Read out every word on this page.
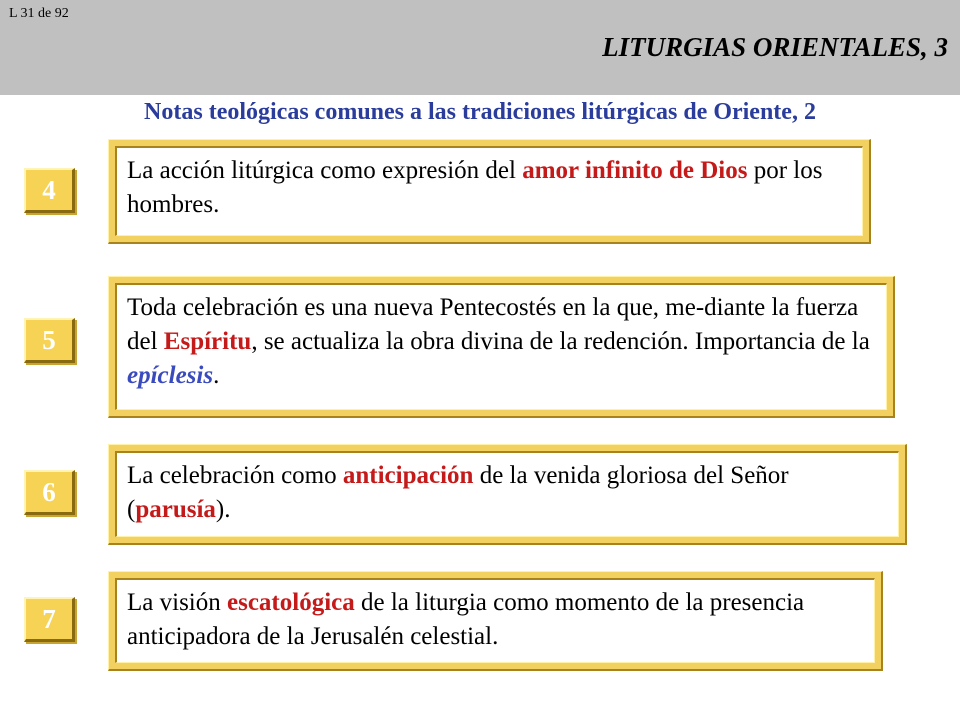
L 31 de 92
LITURGIAS ORIENTALES, 3
Notas teológicas comunes a las tradiciones litúrgicas de Oriente, 2
4
La acción litúrgica como expresión del amor infinito de Dios por los hombres.
5
Toda celebración es una nueva Pentecostés en la que, me-diante la fuerza del Espíritu, se actualiza la obra divina de la redención. Importancia de la epíclesis.
6
La celebración como anticipación de la venida gloriosa del Señor (parusía).
7
La visión escatológica de la liturgia como momento de la presencia anticipadora de la Jerusalén celestial.
